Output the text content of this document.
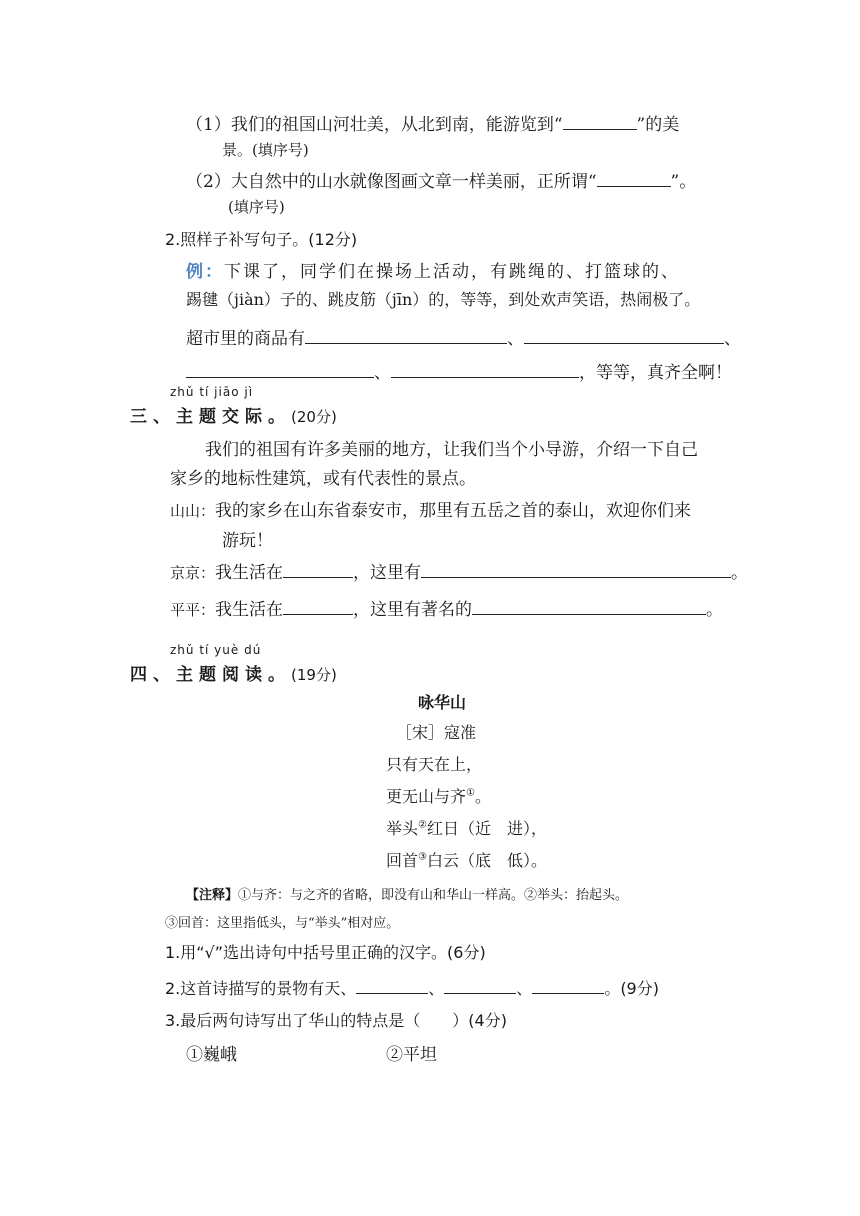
（1）我们的祖国山河壮美，从北到南，能游览到“	”的美
景。(填序号)
（2）大自然中的山水就像图画文章一样美丽，正所谓“	”。
(填序号)
2.照样子补写句子。(12分)
例：下课了，同学们在操场上活动，有跳绳的、打篮球的、
踢毽（jiàn）子的、跳皮筋（jīn）的，等等，到处欢声笑语，热闹极了。
超市里的商品有	、	、
、	，等等，真齐全啊！
zhǔ tí jiāo jì
三、主题交际。(20分)
我们的祖国有许多美丽的地方，让我们当个小导游，介绍一下自己
家乡的地标性建筑，或有代表性的景点。
山山：我的家乡在山东省泰安市，那里有五岳之首的泰山，欢迎你们来
游玩！
京京：我生活在	，这里有	。
平平：我生活在	，这里有著名的	。
zhǔ tí yuè dú
四、主题阅读。(19分)
咏华山
［宋］寇准
只有天在上，
更无山与齐①。
举头②红日（近　进），
回首③白云（底　低）。
【注释】①与齐：与之齐的省略，即没有山和华山一样高。②举头：抬起头。
③回首：这里指低头，与“举头”相对应。
1.用“√”选出诗句中括号里正确的汉字。(6分)
2.这首诗描写的景物有天、	、	、	。(9分)
3.最后两句诗写出了华山的特点是（　　）(4分)
①巍峨	②平坦
